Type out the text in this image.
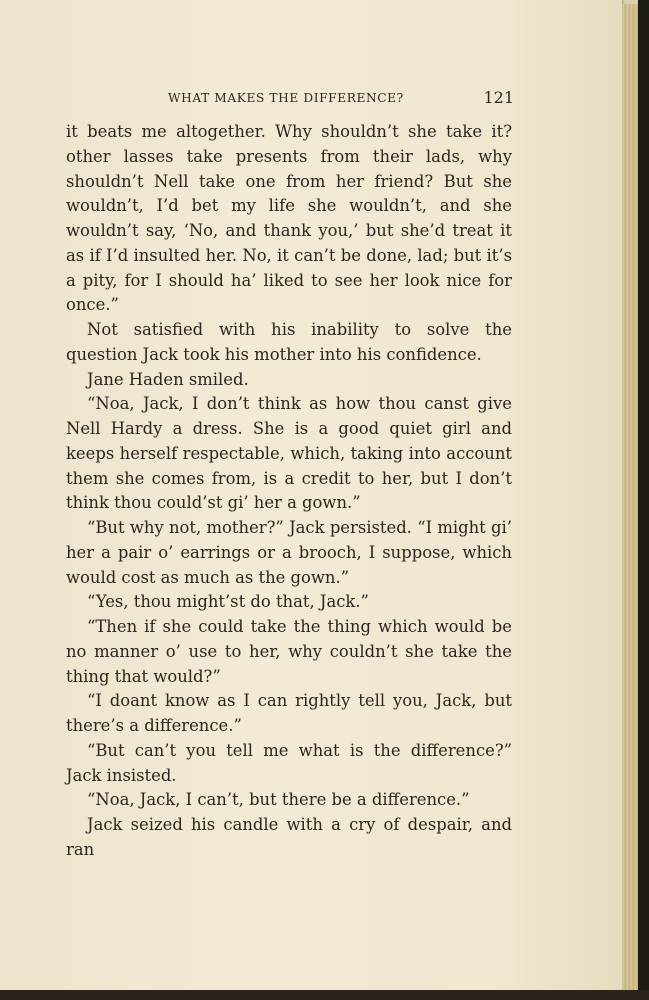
WHAT MAKES THE DIFFERENCE?	121

it beats me altogether. Why shouldn’t she take it? other lasses take presents from their lads, why shouldn’t Nell take one from her friend? But she wouldn’t, I’d bet my life she wouldn’t, and she wouldn’t say, ‘No, and thank you,’ but she’d treat it as if I’d insulted her. No, it can’t be done, lad; but it’s a pity, for I should ha’ liked to see her look nice for once.”

Not satisfied with his inability to solve the question Jack took his mother into his confidence.

Jane Haden smiled.

“Noa, Jack, I don’t think as how thou canst give Nell Hardy a dress. She is a good quiet girl and keeps herself respectable, which, taking into account them she comes from, is a credit to her, but I don’t think thou could’st gi’ her a gown.”

“But why not, mother?” Jack persisted. “I might gi’ her a pair o’ earrings or a brooch, I suppose, which would cost as much as the gown.”

“Yes, thou might’st do that, Jack.”

“Then if she could take the thing which would be no manner o’ use to her, why couldn’t she take the thing that would?”

“I doant know as I can rightly tell you, Jack, but there’s a difference.”

“But can’t you tell me what is the difference?” Jack insisted.

“Noa, Jack, I can’t, but there be a difference.”

Jack seized his candle with a cry of despair, and ran
